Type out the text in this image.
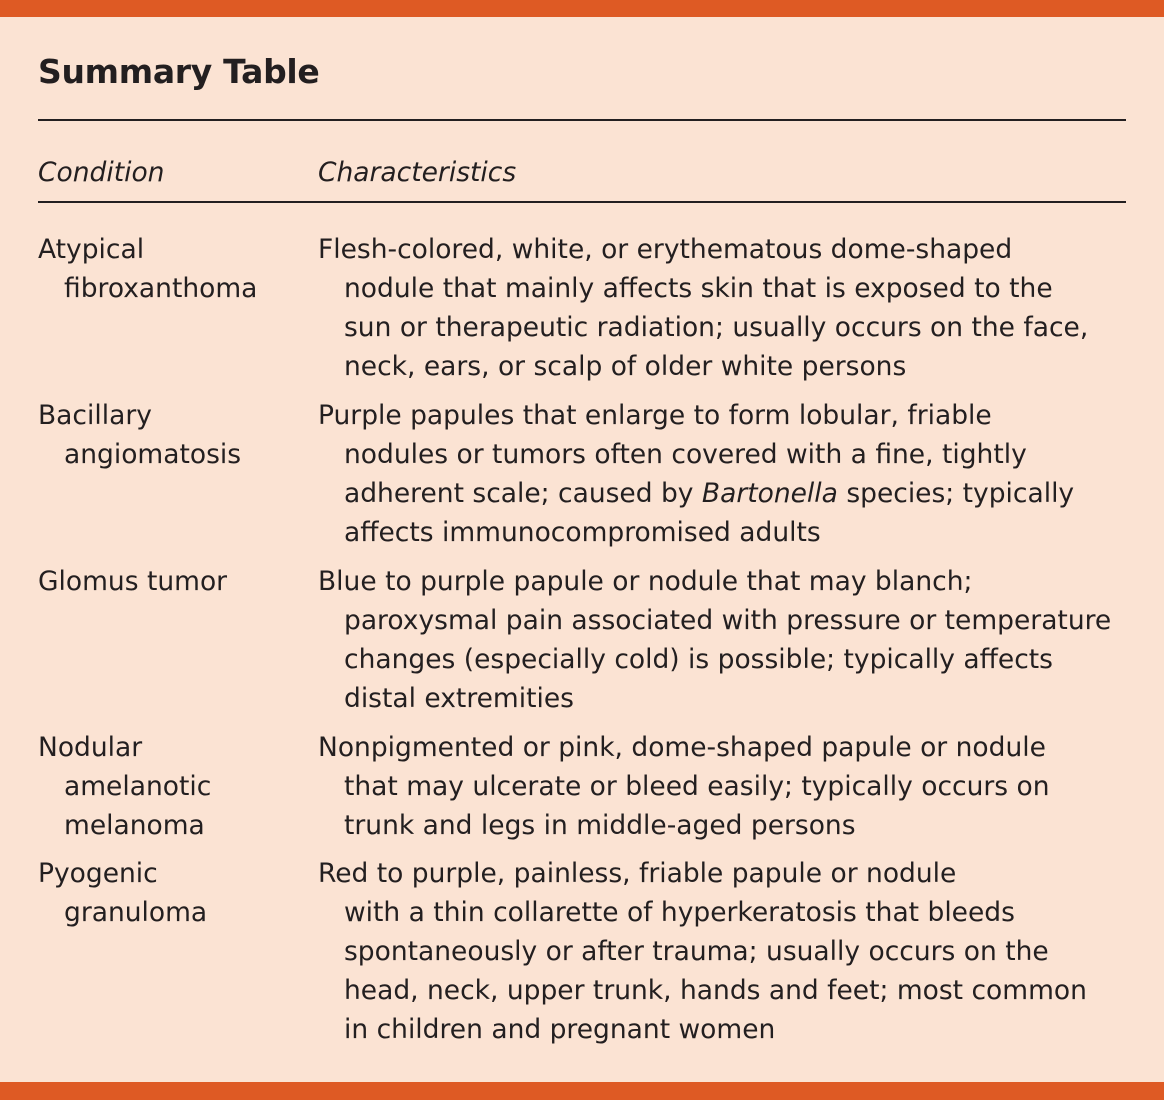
Summary Table
Condition	Characteristics
Atypical
fibroxanthoma
Flesh-colored, white, or erythematous dome-shaped
nodule that mainly affects skin that is exposed to the
sun or therapeutic radiation; usually occurs on the face,
neck, ears, or scalp of older white persons
Bacillary
angiomatosis
Purple papules that enlarge to form lobular, friable
nodules or tumors often covered with a fine, tightly
adherent scale; caused by Bartonella species; typically
affects immunocompromised adults
Glomus tumor	Blue to purple papule or nodule that may blanch;
paroxysmal pain associated with pressure or temperature
changes (especially cold) is possible; typically affects
distal extremities
Nodular
amelanotic
melanoma
Nonpigmented or pink, dome-shaped papule or nodule
that may ulcerate or bleed easily; typically occurs on
trunk and legs in middle-aged persons
Pyogenic
granuloma
Red to purple, painless, friable papule or nodule
with a thin collarette of hyperkeratosis that bleeds
spontaneously or after trauma; usually occurs on the
head, neck, upper trunk, hands and feet; most common
in children and pregnant women
